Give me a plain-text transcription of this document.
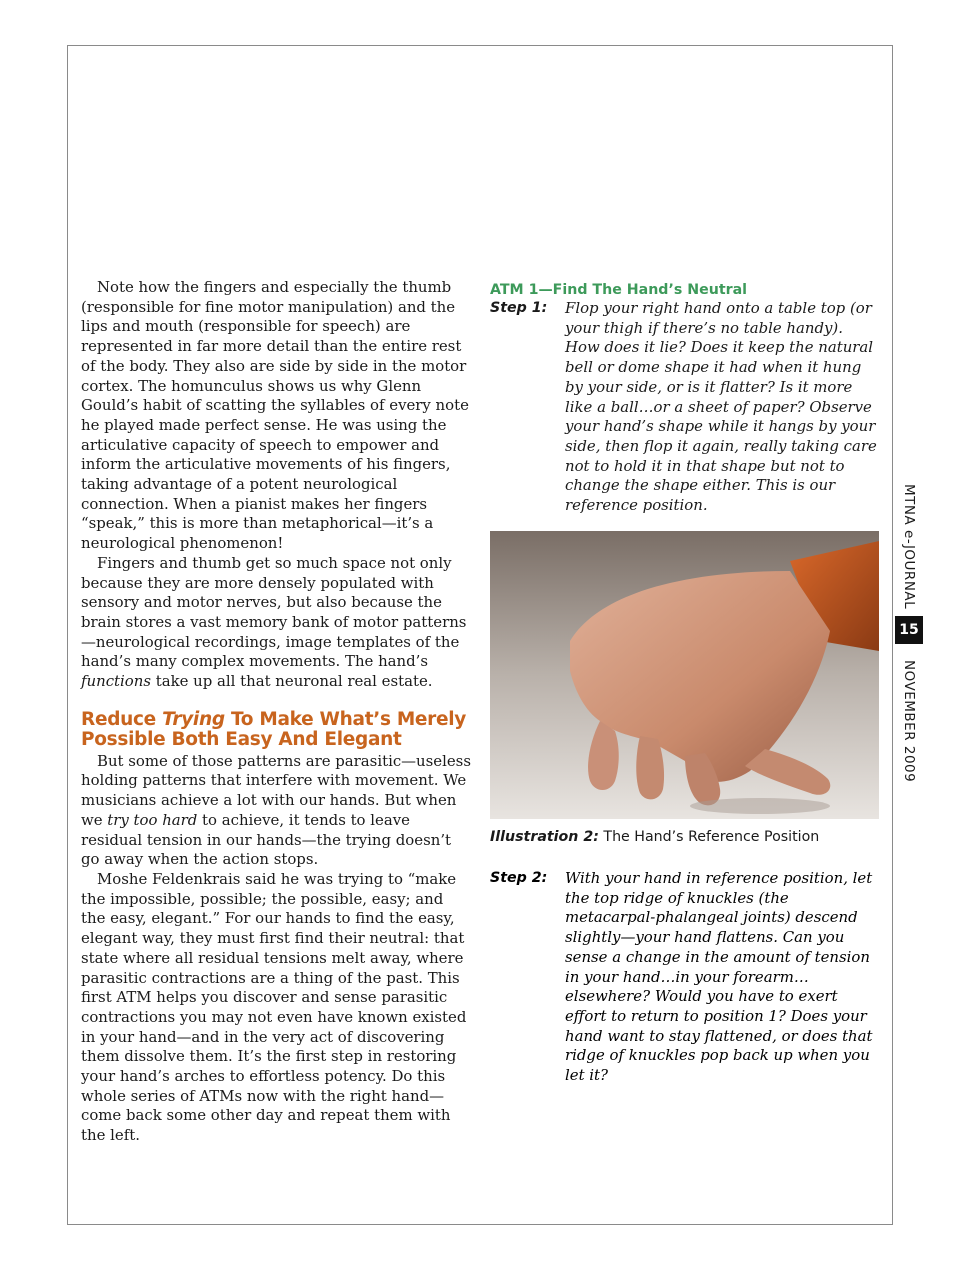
Note how the fingers and especially the thumb (responsible for fine motor manipulation) and the lips and mouth (responsible for speech) are represented in far more detail than the entire rest of the body. They also are side by side in the motor cortex. The homunculus shows us why Glenn Gould’s habit of scatting the syllables of every note he played made perfect sense. He was using the articulative capacity of speech to empower and inform the articulative movements of his fingers, taking advantage of a potent neurological connection. When a pianist makes her fingers “speak,” this is more than metaphorical—it’s a neurological phenomenon!

Fingers and thumb get so much space not only because they are more densely populated with sensory and motor nerves, but also because the brain stores a vast memory bank of motor patterns—neurological recordings, image templates of the hand’s many complex movements. The hand’s functions take up all that neuronal real estate.

Reduce Trying To Make What’s Merely Possible Both Easy And Elegant

But some of those patterns are parasitic—useless holding patterns that interfere with movement. We musicians achieve a lot with our hands. But when we try too hard to achieve, it tends to leave residual tension in our hands—the trying doesn’t go away when the action stops.

Moshe Feldenkrais said he was trying to “make the impossible, possible; the possible, easy; and the easy, elegant.” For our hands to find the easy, elegant way, they must first find their neutral: that state where all residual tensions melt away, where parasitic contractions are a thing of the past. This first ATM helps you discover and sense parasitic contractions you may not even have known existed in your hand—and in the very act of discovering them dissolve them. It’s the first step in restoring your hand’s arches to effortless potency. Do this whole series of ATMs now with the right hand—come back some other day and repeat them with the left.

ATM 1—Find The Hand’s Neutral
Step 1:	Flop your right hand onto a table top (or your thigh if there’s no table handy). How does it lie? Does it keep the natural bell or dome shape it had when it hung by your side, or is it flatter? Is it more like a ball…or a sheet of paper? Observe your hand’s shape while it hangs by your side, then flop it again, really taking care not to hold it in that shape but not to change the shape either. This is our reference position.
Illustration 2: The Hand’s Reference Position
Step 2:	With your hand in reference position, let the top ridge of knuckles (the metacarpal-phalangeal joints) descend slightly—your hand flattens. Can you sense a change in the amount of tension in your hand…in your forearm…elsewhere? Would you have to exert effort to return to position 1? Does your hand want to stay flattened, or does that ridge of knuckles pop back up when you let it?
MTNA e-JOURNAL
15
NOVEMBER 2009
